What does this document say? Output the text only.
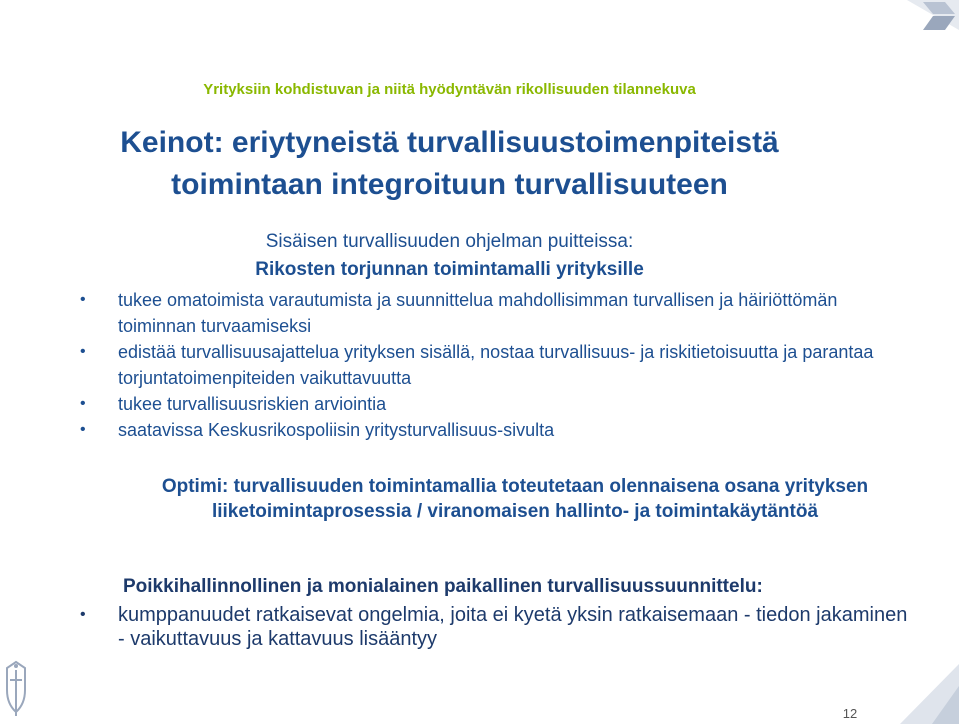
Yrityksiin kohdistuvan ja niitä hyödyntävän rikollisuuden tilannekuva
Keinot: eriytyneistä turvallisuustoimenpiteistä
toimintaan integroituun turvallisuuteen
Sisäisen turvallisuuden ohjelman puitteissa:
Rikosten torjunnan toimintamalli yrityksille
• tukee omatoimista varautumista ja suunnittelua mahdollisimman turvallisen ja häiriöttömän toiminnan turvaamiseksi
• edistää turvallisuusajattelua yrityksen sisällä, nostaa turvallisuus- ja riskitietoisuutta ja parantaa torjuntatoimenpiteiden vaikuttavuutta
• tukee turvallisuusriskien arviointia
• saatavissa Keskusrikospoliisin yritysturvallisuus-sivulta
Optimi: turvallisuuden toimintamallia toteutetaan olennaisena osana yrityksen liiketoimintaprosessia / viranomaisen hallinto- ja toimintakäytäntöä
Poikkihallinnollinen ja monialainen paikallinen turvallisuussuunnittelu:
• kumppanuudet ratkaisevat ongelmia, joita ei kyetä yksin ratkaisemaan - tiedon jakaminen - vaikuttavuus ja kattavuus lisääntyy
12
